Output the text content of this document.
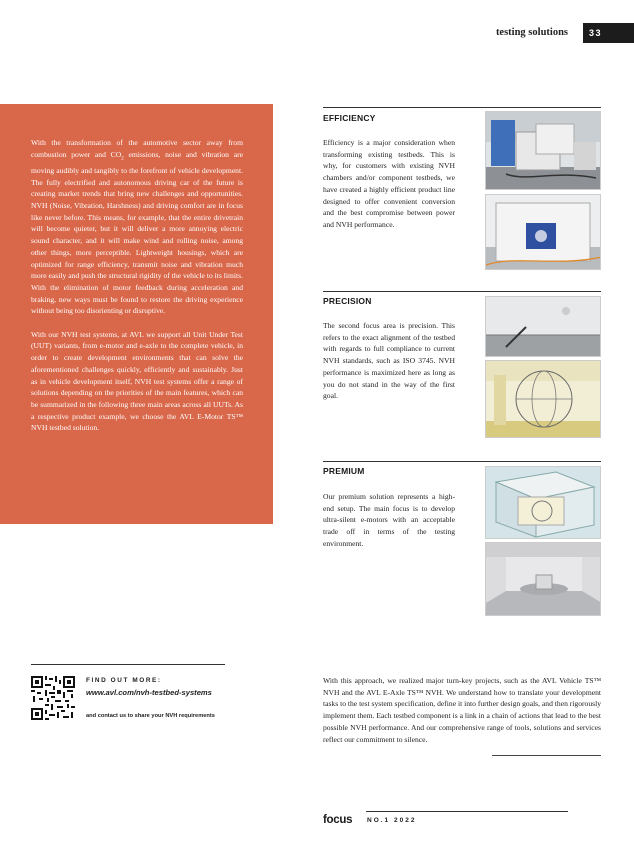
testing solutions	33

With the transformation of the automotive sector away from combustion power and $CO_2$ emissions, noise and vibration are moving audibly and tangibly to the forefront of vehicle development. The fully electrified and autonomous driving car of the future is creating market trends that bring new challenges and opportunities. NVH (Noise, Vibration, Harshness) and driving comfort are in focus like never before. This means, for example, that the entire drivetrain will become quieter, but it will deliver a more annoying electric sound character, and it will make wind and rolling noise, among other things, more perceptible. Lightweight housings, which are optimized for range efficiency, transmit noise and vibration much more easily and push the structural rigidity of the vehicle to its limits. With the elimination of motor feedback during acceleration and braking, new ways must be found to restore the driving experience without being too disorienting or disruptive.

With our NVH test systems, at AVL we support all Unit Under Test (UUT) variants, from e-motor and e-axle to the complete vehicle, in order to create development environments that can solve the aforementioned challenges quickly, efficiently and sustainably. Just as in vehicle development itself, NVH test systems offer a range of solutions depending on the priorities of the main features, which can be summarized in the following three main areas across all UUTs. As a respective product example, we choose the AVL E-Motor TS™ NVH testbed solution.

EFFICIENCY
Efficiency is a major consideration when transforming existing testbeds. This is why, for customers with existing NVH chambers and/or component testbeds, we have created a highly efficient product line designed to offer convenient conversion and the best compromise between power and NVH performance.
PRECISION
The second focus area is precision. This refers to the exact alignment of the testbed with regards to full compliance to current NVH standards, such as ISO 3745. NVH performance is maximized here as long as you do not stand in the way of the first goal.
PREMIUM
Our premium solution represents a high-end setup. The main focus is to develop ultra-silent e-motors with an acceptable trade off in terms of the testing environment.
FIND OUT MORE:
www.avl.com/nvh-testbed-systems
and contact us to share your NVH requirements
With this approach, we realized major turn-key projects, such as the AVL Vehicle TS™ NVH and the AVL E-Axle TS™ NVH. We understand how to translate your development tasks to the test system specification, define it into further design goals, and then rigorously implement them. Each testbed component is a link in a chain of actions that lead to the best possible NVH performance. And our comprehensive range of tools, solutions and services reflect our commitment to silence.
focus NO.1 2022
